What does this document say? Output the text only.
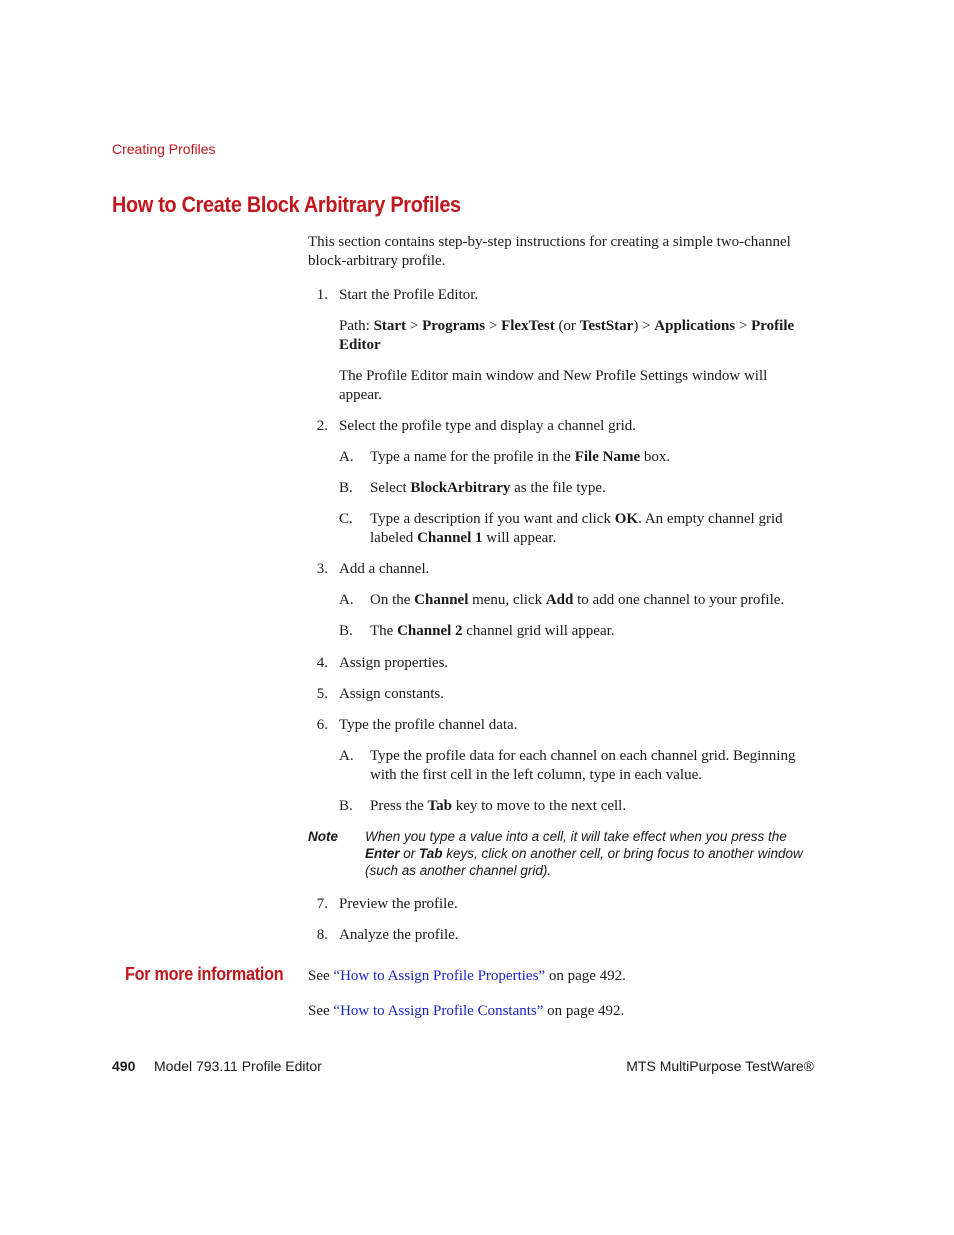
Creating Profiles
How to Create Block Arbitrary Profiles
This section contains step-by-step instructions for creating a simple two-channel block-arbitrary profile.
1. Start the Profile Editor.
Path: Start > Programs > FlexTest (or TestStar) > Applications > Profile Editor
The Profile Editor main window and New Profile Settings window will appear.
2. Select the profile type and display a channel grid.
A. Type a name for the profile in the File Name box.
B. Select BlockArbitrary as the file type.
C. Type a description if you want and click OK. An empty channel grid labeled Channel 1 will appear.
3. Add a channel.
A. On the Channel menu, click Add to add one channel to your profile.
B. The Channel 2 channel grid will appear.
4. Assign properties.
5. Assign constants.
6. Type the profile channel data.
A. Type the profile data for each channel on each channel grid. Beginning with the first cell in the left column, type in each value.
B. Press the Tab key to move to the next cell.
Note When you type a value into a cell, it will take effect when you press the Enter or Tab keys, click on another cell, or bring focus to another window (such as another channel grid).
7. Preview the profile.
8. Analyze the profile.
For more information See “How to Assign Profile Properties” on page 492.
See “How to Assign Profile Constants” on page 492.
490 Model 793.11 Profile Editor	MTS MultiPurpose TestWare®
